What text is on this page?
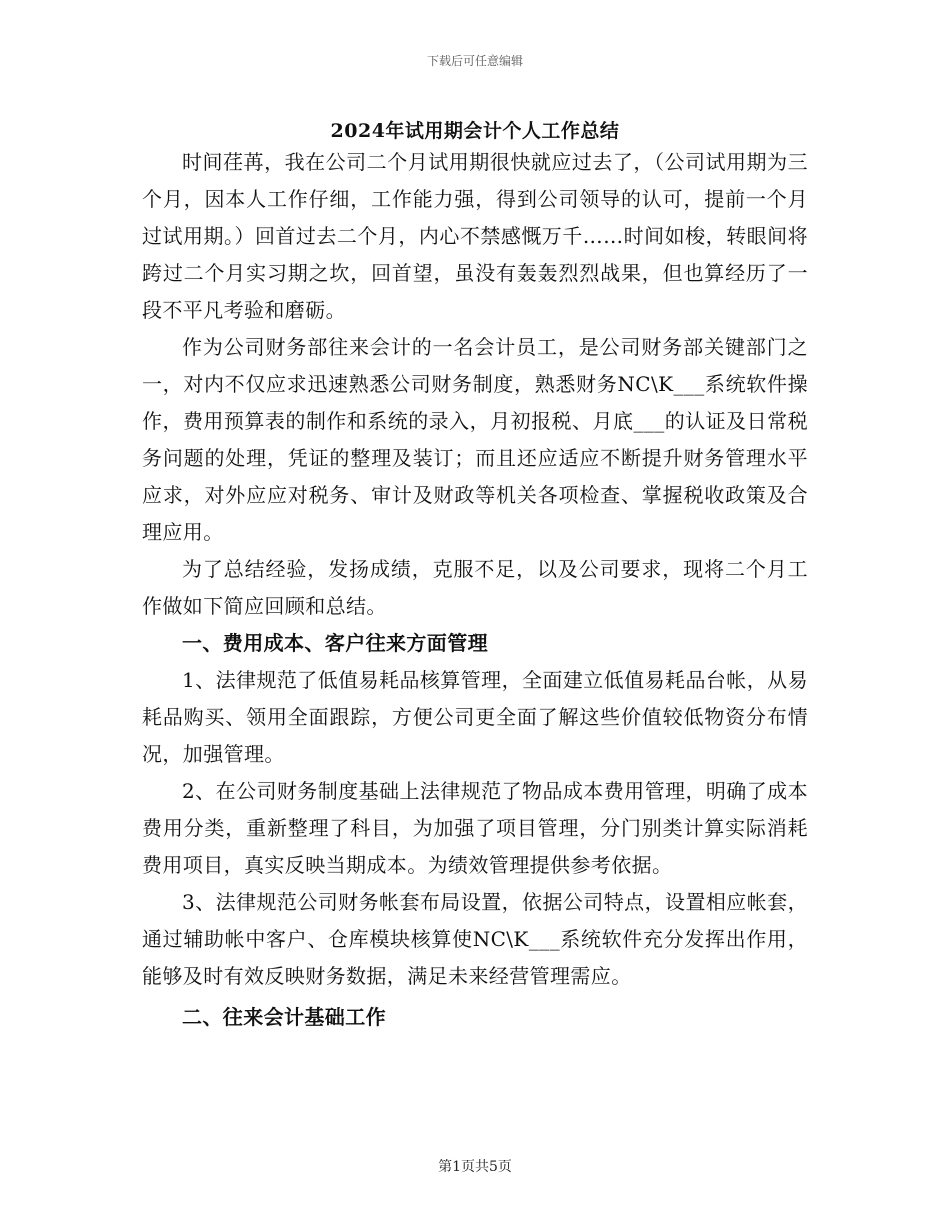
下载后可任意编辑
2024年试用期会计个人工作总结

时间荏苒，我在公司二个月试用期很快就应过去了，（公司试用期为三个月，因本人工作仔细，工作能力强，得到公司领导的认可，提前一个月过试用期。）回首过去二个月，内心不禁感慨万千……时间如梭，转眼间将跨过二个月实习期之坎，回首望，虽没有轰轰烈烈战果，但也算经历了一段不平凡考验和磨砺。

作为公司财务部往来会计的一名会计员工，是公司财务部关键部门之一，对内不仅应求迅速熟悉公司财务制度，熟悉财务NC\K___系统软件操作，费用预算表的制作和系统的录入，月初报税、月底___的认证及日常税务问题的处理，凭证的整理及装订；而且还应适应不断提升财务管理水平应求，对外应应对税务、审计及财政等机关各项检查、掌握税收政策及合理应用。

为了总结经验，发扬成绩，克服不足，以及公司要求，现将二个月工作做如下简应回顾和总结。

一、费用成本、客户往来方面管理

1、法律规范了低值易耗品核算管理，全面建立低值易耗品台帐，从易耗品购买、领用全面跟踪，方便公司更全面了解这些价值较低物资分布情况，加强管理。

2、在公司财务制度基础上法律规范了物品成本费用管理，明确了成本费用分类，重新整理了科目，为加强了项目管理，分门别类计算实际消耗费用项目，真实反映当期成本。为绩效管理提供参考依据。

3、法律规范公司财务帐套布局设置，依据公司特点，设置相应帐套，通过辅助帐中客户、仓库模块核算使NC\K___系统软件充分发挥出作用，能够及时有效反映财务数据，满足未来经营管理需应。

二、往来会计基础工作

第1页共5页
